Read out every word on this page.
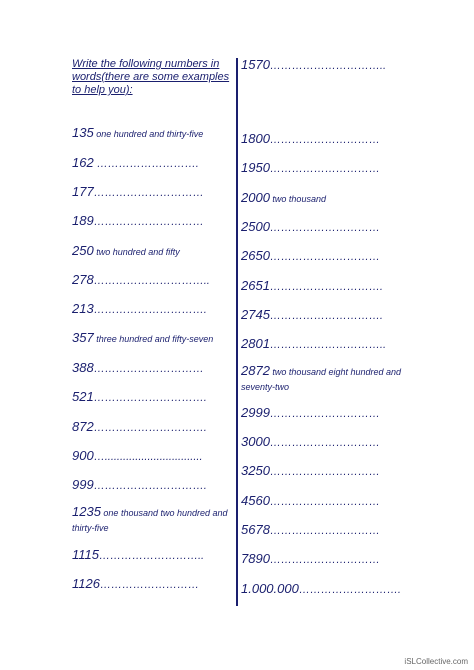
Write the following numbers in words(there are some examples to help you):
135 one hundred and thirty-five
162 ……………………….
177…………………………
189…………………………
250 two hundred and fifty
278…………………………..
213………………………….
357 three hundred and fifty-seven
388…………………………
521………………………….
872………………………….
900…................................
999………………………….
1235 one thousand two hundred and thirty-five
1115………………………..
1126………………………
1570…………………………..
1800…………………………
1950…………………………
2000 two thousand
2500…………………………
2650…………………………
2651………………………….
2745………………………….
2801…………………………..
2872 two thousand eight hundred and seventy-two
2999…………………………
3000…………………………
3250…………………………
4560…………………………
5678…………………………
7890…………………………
1.000.000……………………….
iSLCollective.com
